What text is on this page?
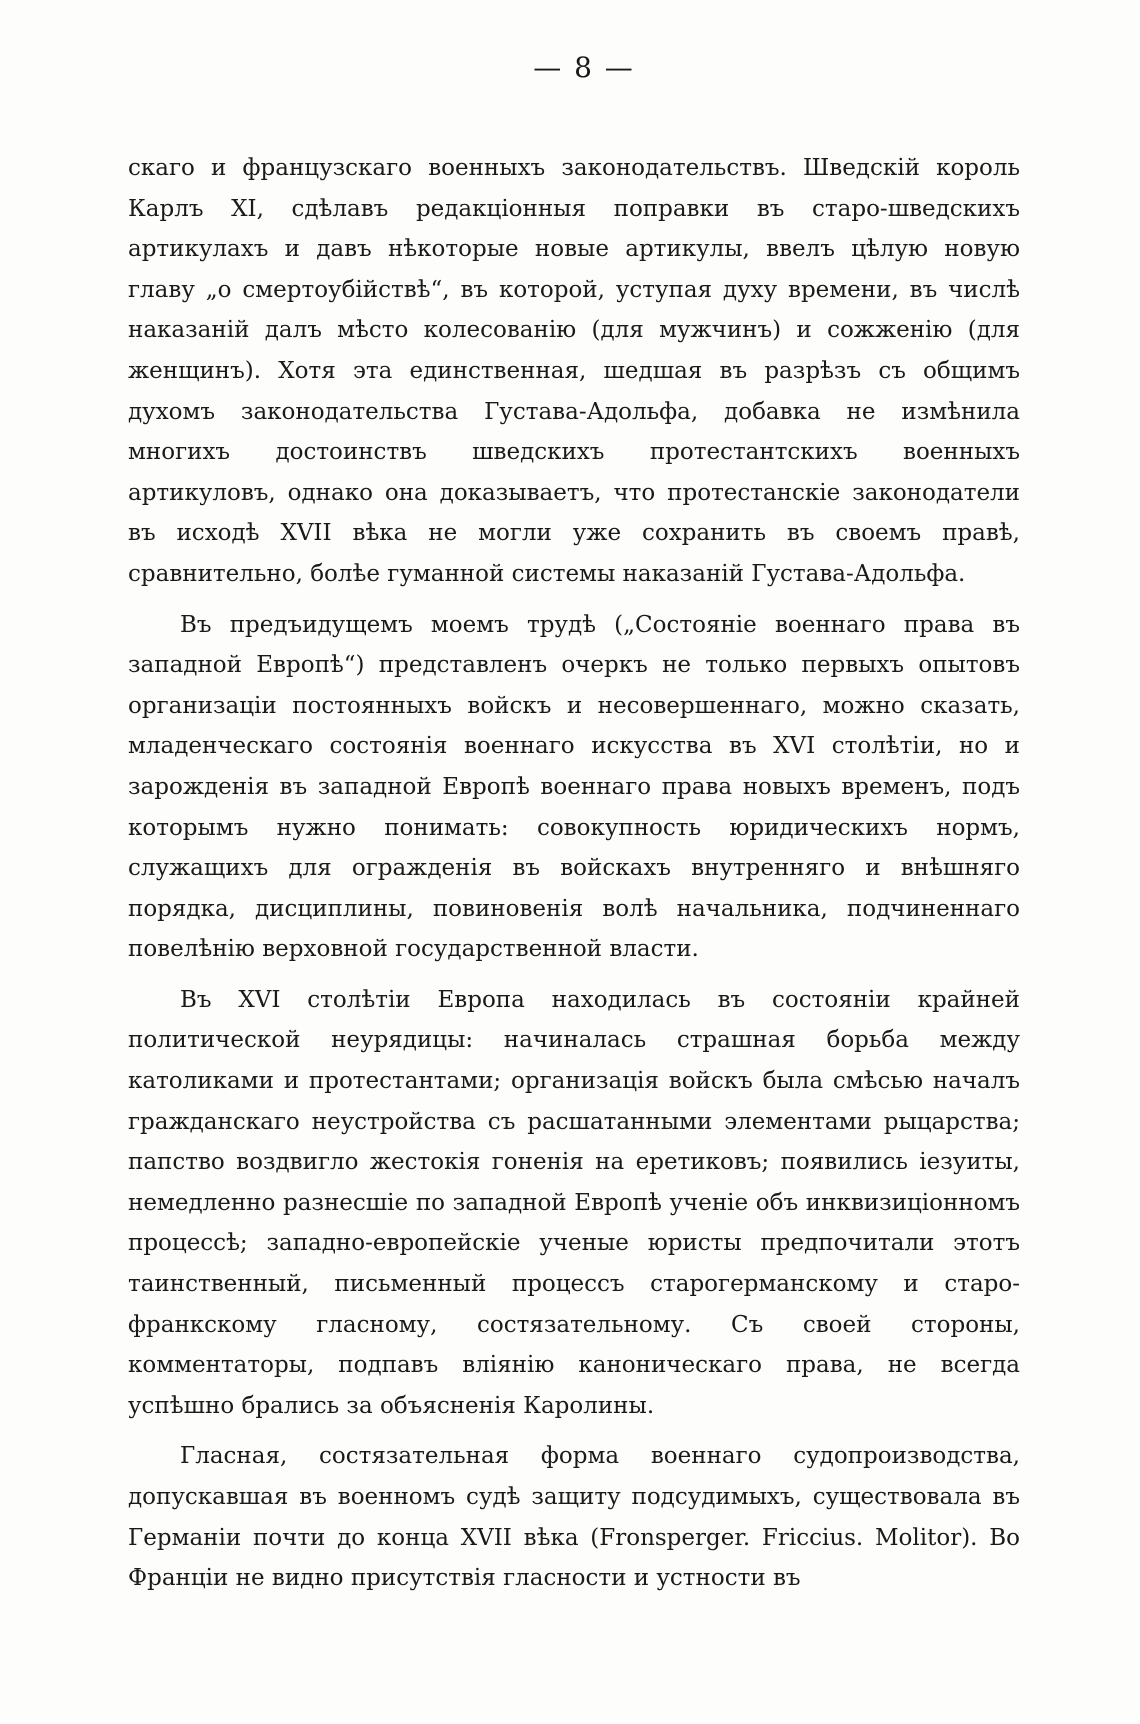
— 8 —

скаго и французскаго военныхъ законодательствъ. Шведскій король Карлъ XI, сдѣлавъ редакціонныя поправки въ старо-шведскихъ артикулахъ и давъ нѣкоторые новые артикулы, ввелъ цѣлую новую главу „о смертоубійствѣ“, въ которой, уступая духу времени, въ числѣ наказаній далъ мѣсто колесованію (для мужчинъ) и сожженію (для женщинъ). Хотя эта единственная, шедшая въ разрѣзъ съ общимъ духомъ законодательства Густава-Адольфа, добавка не измѣнила многихъ достоинствъ шведскихъ протестантскихъ военныхъ артикуловъ, однако она доказываетъ, что протестанскіе законодатели въ исходѣ XVII вѣка не могли уже сохранить въ своемъ правѣ, сравнительно, болѣе гуманной системы наказаній Густава-Адольфа.

Въ предъидущемъ моемъ трудѣ („Состояніе военнаго права въ западной Европѣ“) представленъ очеркъ не только первыхъ опытовъ организаціи постоянныхъ войскъ и несовершеннаго, можно сказать, младенческаго состоянія военнаго искусства въ XVI столѣтіи, но и зарожденія въ западной Европѣ военнаго права новыхъ временъ, подъ которымъ нужно понимать: совокупность юридическихъ нормъ, служащихъ для огражденія въ войскахъ внутренняго и внѣшняго порядка, дисциплины, повиновенія волѣ начальника, подчиненнаго повелѣнію верховной государственной власти.

Въ XVI столѣтіи Европа находилась въ состояніи крайней политической неурядицы: начиналась страшная борьба между католиками и протестантами; организація войскъ была смѣсью началъ гражданскаго неустройства съ расшатанными элементами рыцарства; папство воздвигло жестокія гоненія на еретиковъ; появились іезуиты, немедленно разнесшіе по западной Европѣ ученіе объ инквизиціонномъ процессѣ; западно-европейскіе ученые юристы предпочитали этотъ таинственный, письменный процессъ старогерманскому и старо-франкскому гласному, состязательному. Съ своей стороны, комментаторы, подпавъ вліянію каноническаго права, не всегда успѣшно брались за объясненія Каролины.

Гласная, состязательная форма военнаго судопроизводства, допускавшая въ военномъ судѣ защиту подсудимыхъ, существовала въ Германіи почти до конца XVII вѣка (Fronsperger. Friccius. Molitor). Во Франціи не видно присутствія гласности и устности въ
